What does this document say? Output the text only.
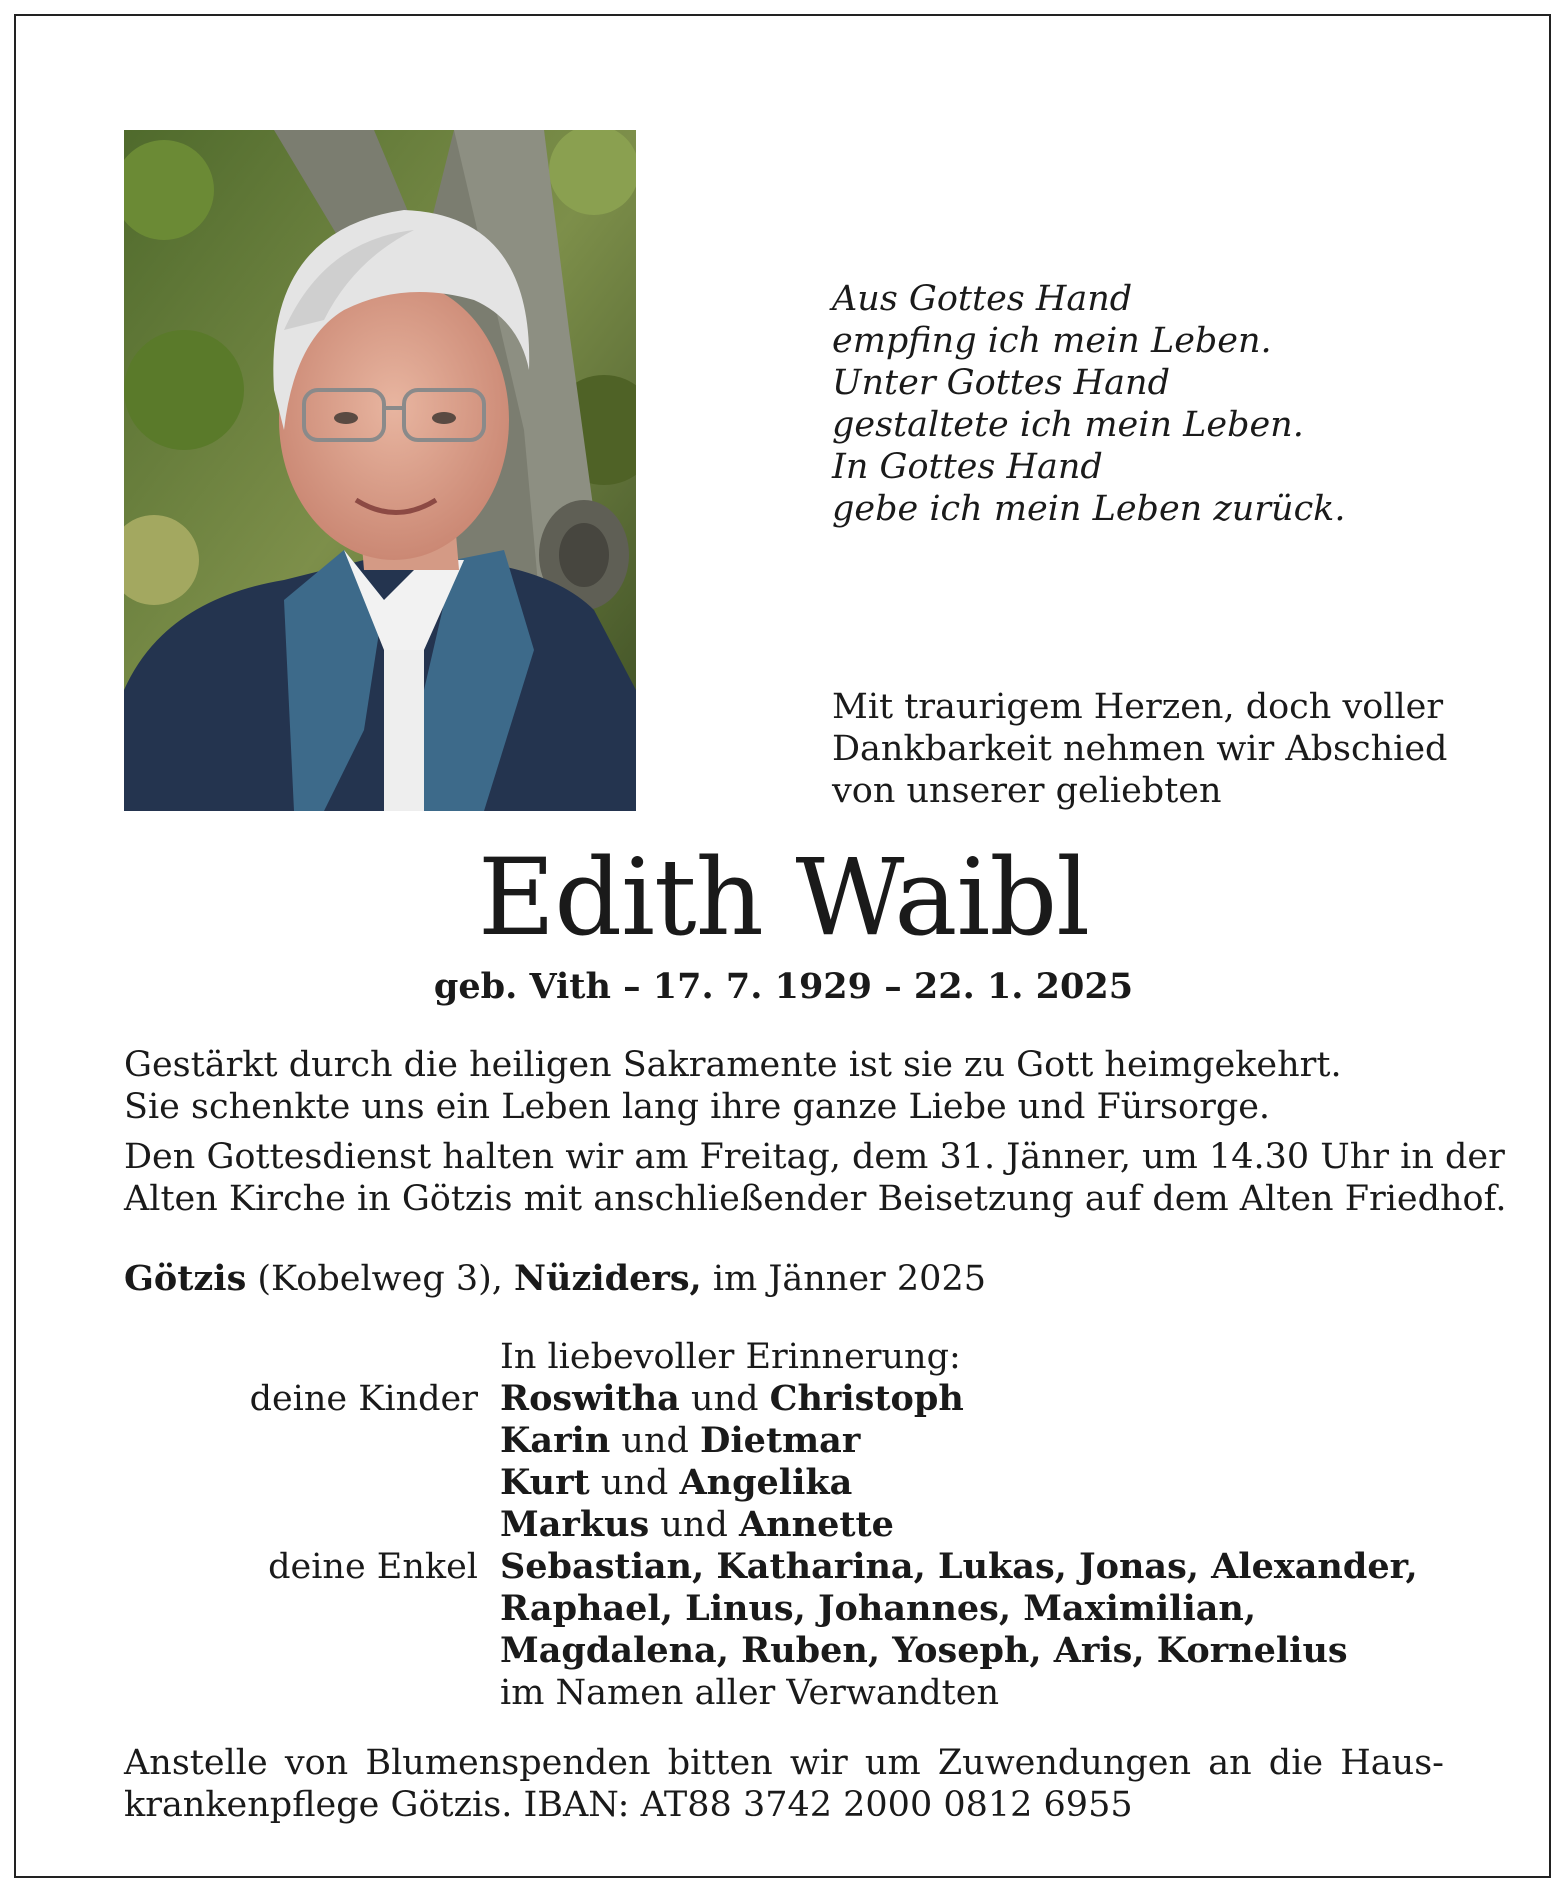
Aus Gottes Hand
empfing ich mein Leben.
Unter Gottes Hand
gestaltete ich mein Leben.
In Gottes Hand
gebe ich mein Leben zurück.
Mit traurigem Herzen, doch voller
Dankbarkeit nehmen wir Abschied
von unserer geliebten
Edith Waibl
geb. Vith – 17. 7. 1929 – 22. 1. 2025
Gestärkt durch die heiligen Sakramente ist sie zu Gott heimgekehrt.
Sie schenkte uns ein Leben lang ihre ganze Liebe und Fürsorge.
Den Gottesdienst halten wir am Freitag, dem 31. Jänner, um 14.30 Uhr in der
Alten Kirche in Götzis mit anschließender Beisetzung auf dem Alten Friedhof.
Götzis (Kobelweg 3), Nüziders, im Jänner 2025
In liebevoller Erinnerung:
deine Kinder Roswitha und Christoph
Karin und Dietmar
Kurt und Angelika
Markus und Annette
deine Enkel Sebastian, Katharina, Lukas, Jonas, Alexander,
Raphael, Linus, Johannes, Maximilian,
Magdalena, Ruben, Yoseph, Aris, Kornelius
im Namen aller Verwandten
Anstelle von Blumenspenden bitten wir um Zuwendungen an die Haus-
krankenpflege Götzis. IBAN: AT88 3742 2000 0812 6955
